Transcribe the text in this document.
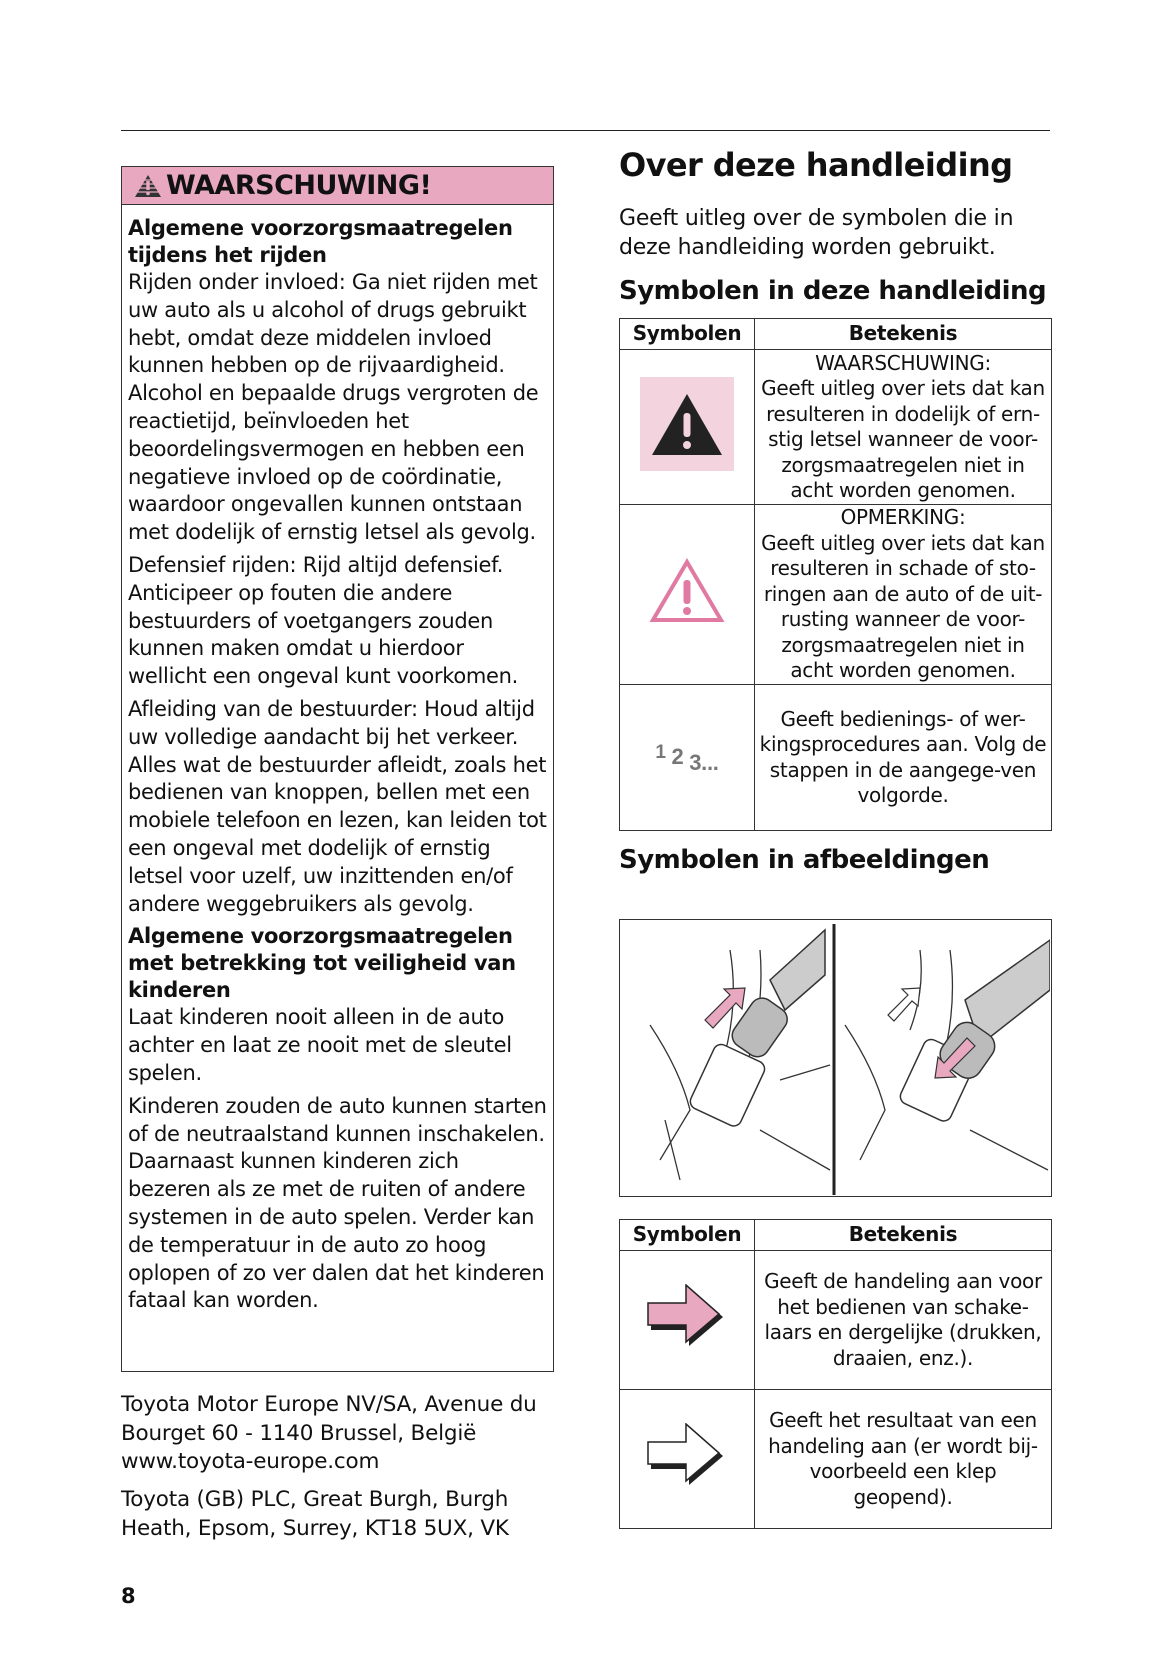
WAARSCHUWING!
Algemene voorzorgsmaatregelen tijdens het rijden

Rijden onder invloed: Ga niet rijden met uw auto als u alcohol of drugs gebruikt hebt, omdat deze middelen invloed kunnen hebben op de rijvaardigheid. Alcohol en bepaalde drugs vergroten de reactietijd, beïnvloeden het beoordelingsvermogen en hebben een negatieve invloed op de coördinatie, waardoor ongevallen kunnen ontstaan met dodelijk of ernstig letsel als gevolg.

Defensief rijden: Rijd altijd defensief. Anticipeer op fouten die andere bestuurders of voetgangers zouden kunnen maken omdat u hierdoor wellicht een ongeval kunt voorkomen.

Afleiding van de bestuurder: Houd altijd uw volledige aandacht bij het verkeer. Alles wat de bestuurder afleidt, zoals het bedienen van knoppen, bellen met een mobiele telefoon en lezen, kan leiden tot een ongeval met dodelijk of ernstig letsel voor uzelf, uw inzittenden en/of andere weggebruikers als gevolg.

Algemene voorzorgsmaatregelen met betrekking tot veiligheid van kinderen

Laat kinderen nooit alleen in de auto achter en laat ze nooit met de sleutel spelen.

Kinderen zouden de auto kunnen starten of de neutraalstand kunnen inschakelen. Daarnaast kunnen kinderen zich bezeren als ze met de ruiten of andere systemen in de auto spelen. Verder kan de temperatuur in de auto zo hoog oplopen of zo ver dalen dat het kinderen fataal kan worden.

Toyota Motor Europe NV/SA, Avenue du Bourget 60 - 1140 Brussel, België www.toyota-europe.com
Toyota (GB) PLC, Great Burgh, Burgh Heath, Epsom, Surrey, KT18 5UX, VK
8
Over deze handleiding
Geeft uitleg over de symbolen die in deze handleiding worden gebruikt.
Symbolen in deze handleiding
Symbolen	Betekenis

WAARSCHUWING:
Geeft uitleg over iets dat kan resulteren in dodelijk of ern-stig letsel wanneer de voor-zorgsmaatregelen niet in acht worden genomen.

OPMERKING:
Geeft uitleg over iets dat kan resulteren in schade of sto-ringen aan de auto of de uit-rusting wanneer de voor-zorgsmaatregelen niet in acht worden genomen.

1 2 3...	Geeft bedienings- of wer-kingsprocedures aan. Volg de stappen in de aangege-ven volgorde.
Symbolen in afbeeldingen
Symbolen	Betekenis

Geeft de handeling aan voor het bedienen van schake-laars en dergelijke (drukken, draaien, enz.).

Geeft het resultaat van een handeling aan (er wordt bij-voorbeeld een klep geopend).
